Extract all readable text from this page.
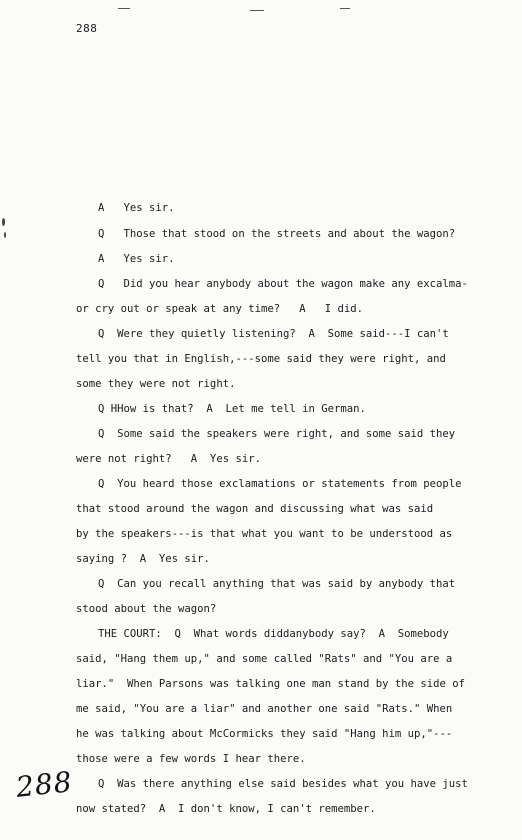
288
A   Yes sir.
Q   Those that stood on the streets and about the wagon?
A   Yes sir.
Q   Did you hear anybody about the wagon make any excalma-
or cry out or speak at any time?   A   I did.
Q  Were they quietly listening?  A  Some said---I can't
tell you that in English,---some said they were right, and
some they were not right.
Q HHow is that?  A  Let me tell in German.
Q  Some said the speakers were right, and some said they
were not right?   A  Yes sir.
Q  You heard those exclamations or statements from people
that stood around the wagon and discussing what was said
by the speakers---is that what you want to be understood as
saying ?  A  Yes sir.
Q  Can you recall anything that was said by anybody that
stood about the wagon?
THE COURT:  Q  What words diddanybody say?  A  Somebody
said, "Hang them up," and some called "Rats" and "You are a
liar."  When Parsons was talking one man stand by the side of
me said, "You are a liar" and another one said "Rats." When
he was talking about McCormicks they said "Hang him up,"---
those were a few words I hear there.
Q  Was there anything else said besides what you have just
now stated?  A  I don't know, I can't remember.
288
